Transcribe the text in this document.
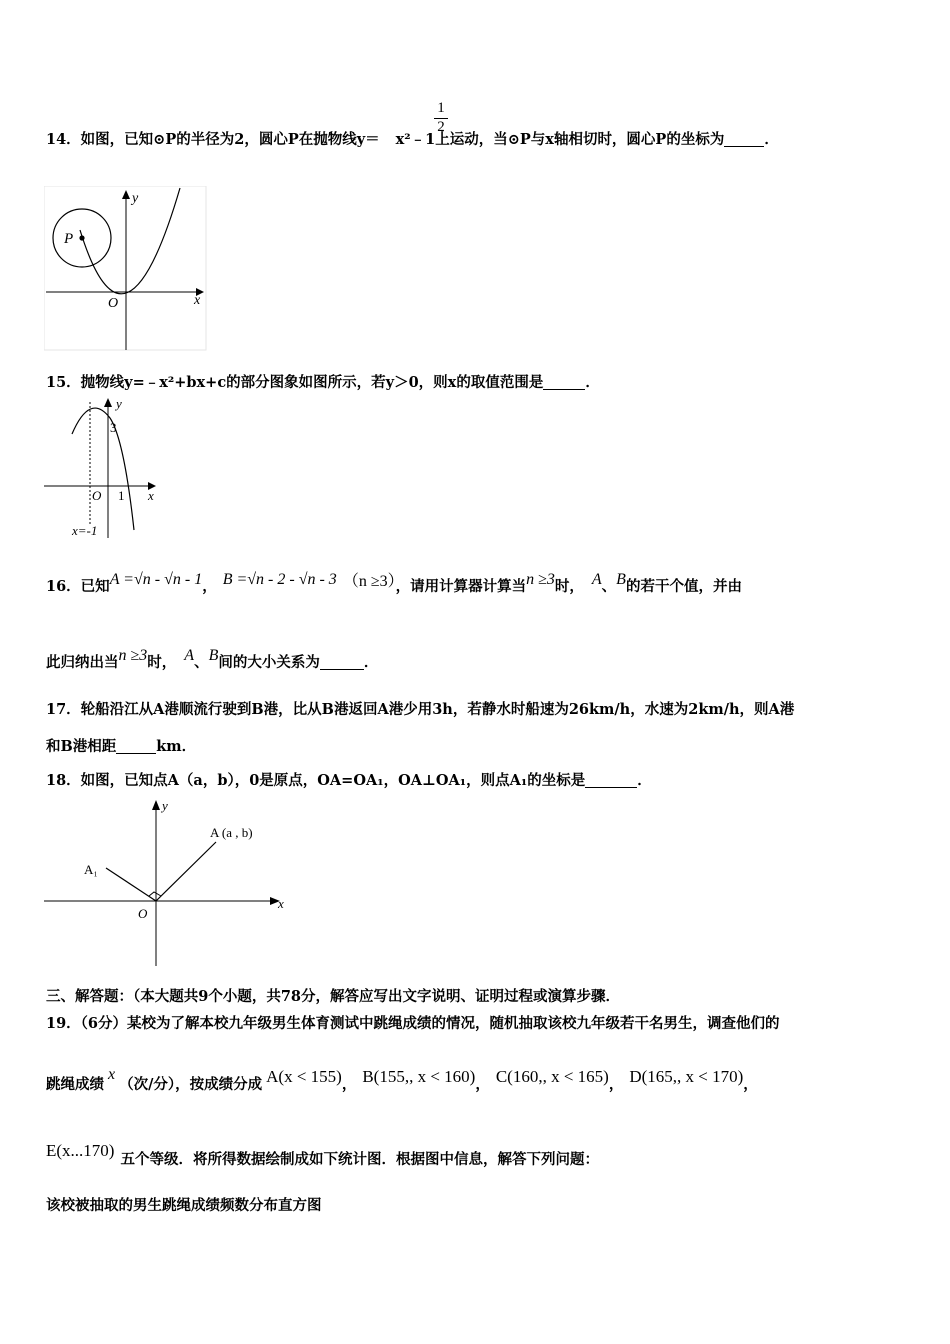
$\frac{1}{2}$
14．如图，已知⊙P的半径为2，圆心P在抛物线y＝ x²﹣1上运动，当⊙P与x轴相切时，圆心P的坐标为	．
P
y
x
O
15．抛物线y=﹣x²+bx+c的部分图象如图所示，若y＞0，则x的取值范围是	．
y
3
O 1 x
x=-1
16．已知A =√n - √n - 1， B =√n - 2 - √n - 3 （n ≥3），请用计算器计算当n ≥3时， A、B的若干个值，并由
此归纳出当n ≥3时， A、B间的大小关系为	．
17．轮船沿江从A港顺流行驶到B港，比从B港返回A港少用3h，若静水时船速为26km/h，水速为2km/h，则A港
和B港相距	km．
18．如图，已知点A（a，b），0是原点，OA=OA₁，OA⊥OA₁，则点A₁的坐标是	．
y
x
O
A (a , b)
A₁
三、解答题：（本大题共9个小题，共78分，解答应写出文字说明、证明过程或演算步骤．
19．（6分）某校为了解本校九年级男生体育测试中跳绳成绩的情况，随机抽取该校九年级若干名男生，调查他们的
跳绳成绩x（次/分），按成绩分成 A(x < 155)， B(155,, x < 160)， C(160,, x < 165)， D(165,, x < 170)，
E(x...170) 五个等级．将所得数据绘制成如下统计图．根据图中信息，解答下列问题：
该校被抽取的男生跳绳成绩频数分布直方图
